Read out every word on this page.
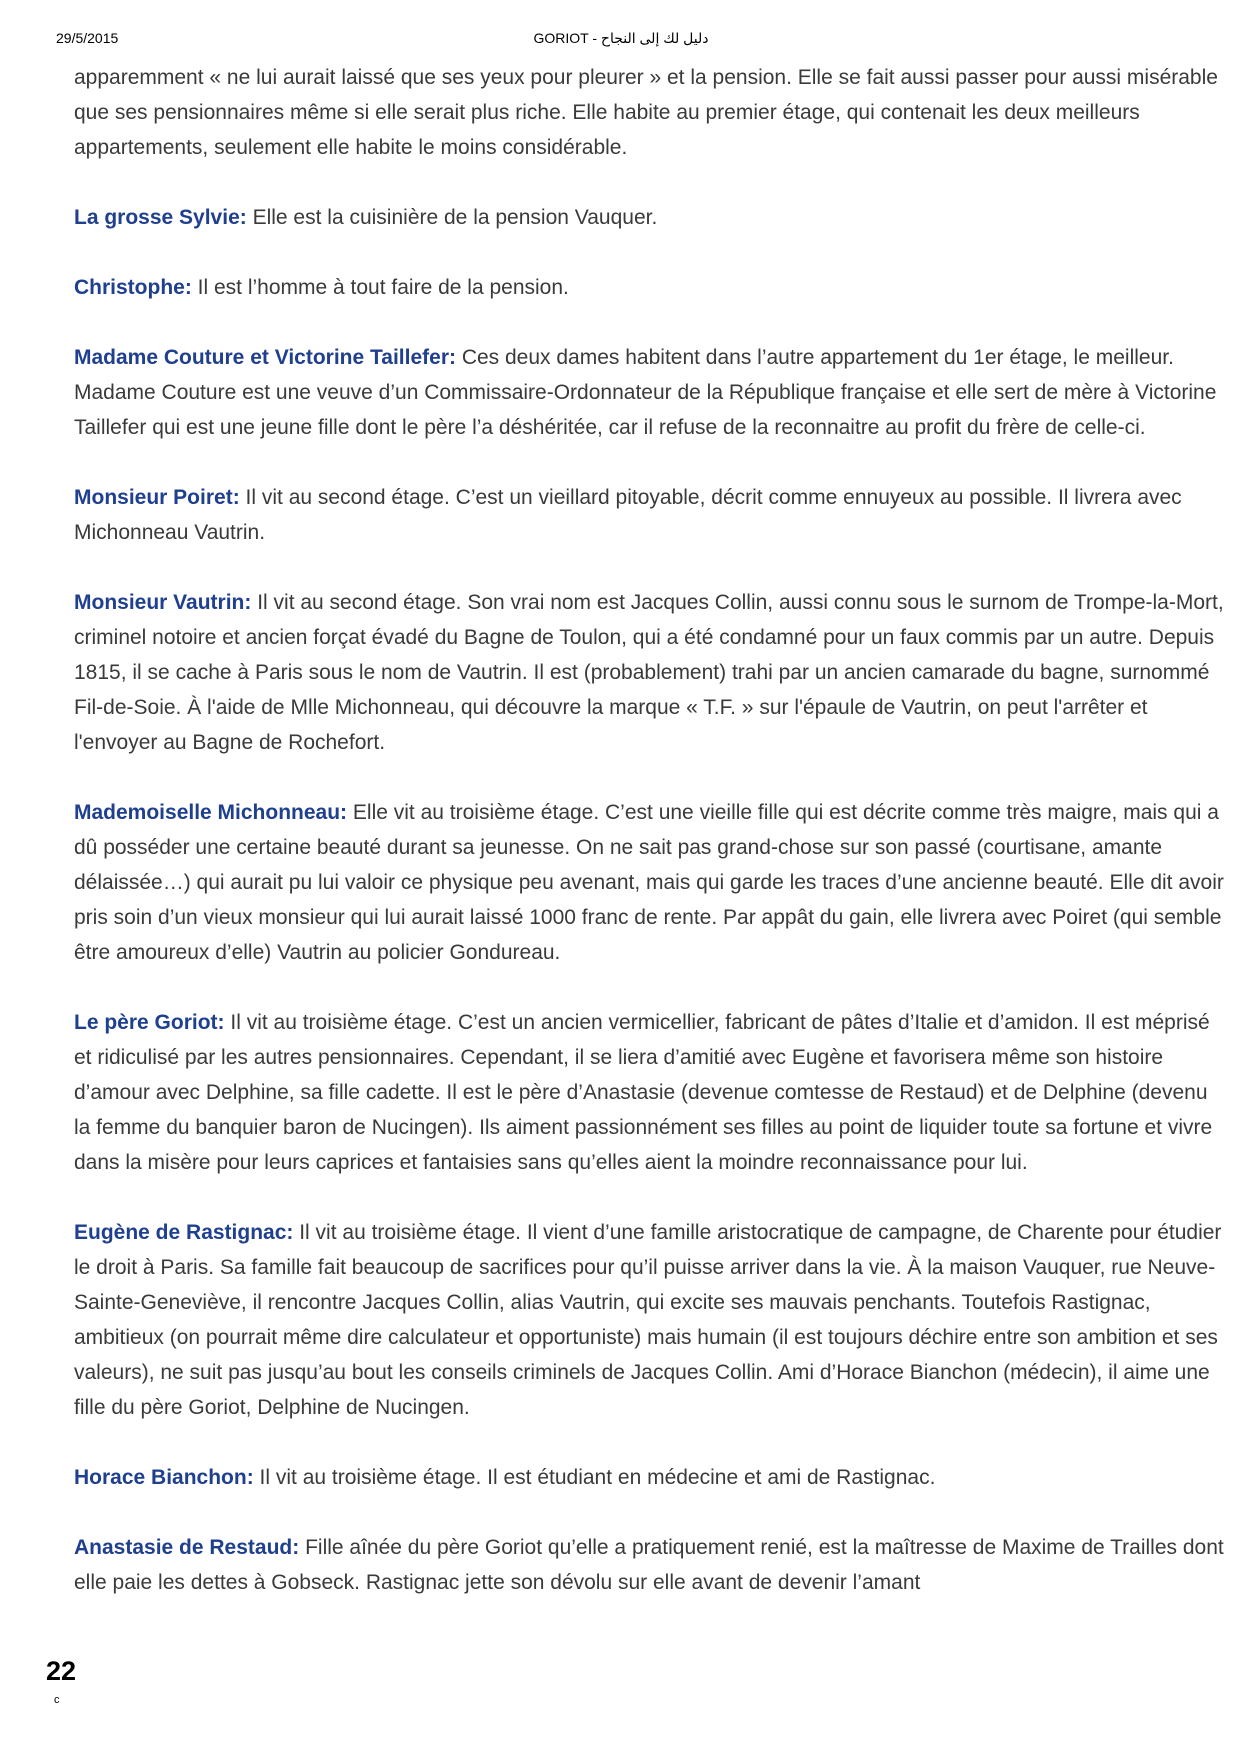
29/5/2015	GORIOT - دليل لك إلى النجاح

apparemment « ne lui aurait laissé que ses yeux pour pleurer » et la pension. Elle se fait aussi passer pour aussi misérable que ses pensionnaires même si elle serait plus riche. Elle habite au premier étage, qui contenait les deux meilleurs appartements, seulement elle habite le moins considérable.

La grosse Sylvie: Elle est la cuisinière de la pension Vauquer.

Christophe: Il est l’homme à tout faire de la pension.

Madame Couture et Victorine Taillefer: Ces deux dames habitent dans l’autre appartement du 1er étage, le meilleur. Madame Couture est une veuve d’un Commissaire-Ordonnateur de la République française et elle sert de mère à Victorine Taillefer qui est une jeune fille dont le père l’a déshéritée, car il refuse de la reconnaitre au profit du frère de celle-ci.

Monsieur Poiret: Il vit au second étage. C’est un vieillard pitoyable, décrit comme ennuyeux au possible. Il livrera avec Michonneau Vautrin.

Monsieur Vautrin: Il vit au second étage. Son vrai nom est Jacques Collin, aussi connu sous le surnom de Trompe-la-Mort, criminel notoire et ancien forçat évadé du Bagne de Toulon, qui a été condamné pour un faux commis par un autre. Depuis 1815, il se cache à Paris sous le nom de Vautrin. Il est (probablement) trahi par un ancien camarade du bagne, surnommé Fil-de-Soie. À l'aide de Mlle Michonneau, qui découvre la marque « T.F. » sur l'épaule de Vautrin, on peut l'arrêter et l'envoyer au Bagne de Rochefort.

Mademoiselle Michonneau: Elle vit au troisième étage. C’est une vieille fille qui est décrite comme très maigre, mais qui a dû posséder une certaine beauté durant sa jeunesse. On ne sait pas grand-chose sur son passé (courtisane, amante délaissée…) qui aurait pu lui valoir ce physique peu avenant, mais qui garde les traces d’une ancienne beauté. Elle dit avoir pris soin d’un vieux monsieur qui lui aurait laissé 1000 franc de rente. Par appât du gain, elle livrera avec Poiret (qui semble être amoureux d’elle) Vautrin au policier Gondureau.

Le père Goriot: Il vit au troisième étage. C’est un ancien vermicellier, fabricant de pâtes d’Italie et d’amidon. Il est méprisé et ridiculisé par les autres pensionnaires. Cependant, il se liera d’amitié avec Eugène et favorisera même son histoire d’amour avec Delphine, sa fille cadette. Il est le père d’Anastasie (devenue comtesse de Restaud) et de Delphine (devenu la femme du banquier baron de Nucingen). Ils aiment passionnément ses filles au point de liquider toute sa fortune et vivre dans la misère pour leurs caprices et fantaisies sans qu’elles aient la moindre reconnaissance pour lui.

Eugène de Rastignac: Il vit au troisième étage. Il vient d’une famille aristocratique de campagne, de Charente pour étudier le droit à Paris. Sa famille fait beaucoup de sacrifices pour qu’il puisse arriver dans la vie. À la maison Vauquer, rue Neuve-Sainte-Geneviève, il rencontre Jacques Collin, alias Vautrin, qui excite ses mauvais penchants. Toutefois Rastignac, ambitieux (on pourrait même dire calculateur et opportuniste) mais humain (il est toujours déchire entre son ambition et ses valeurs), ne suit pas jusqu’au bout les conseils criminels de Jacques Collin. Ami d’Horace Bianchon (médecin), il aime une fille du père Goriot, Delphine de Nucingen.

Horace Bianchon: Il vit au troisième étage. Il est étudiant en médecine et ami de Rastignac.

Anastasie de Restaud: Fille aînée du père Goriot qu’elle a pratiquement renié, est la maîtresse de Maxime de Trailles dont elle paie les dettes à Gobseck. Rastignac jette son dévolu sur elle avant de devenir l’amant

22
c
